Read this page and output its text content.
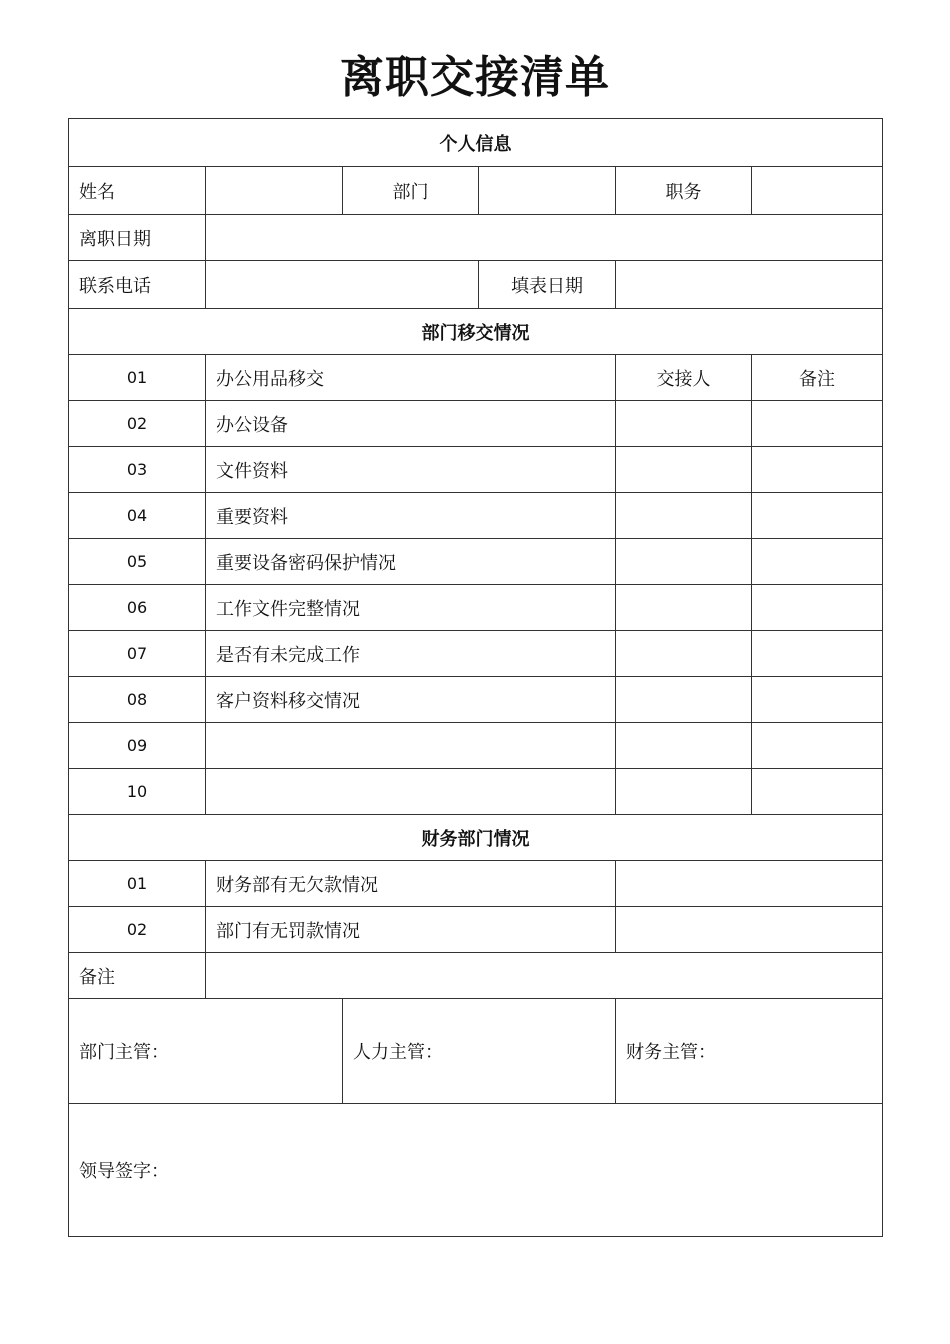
离职交接清单
个人信息					
姓名		部门		职务	
离职日期					
联系电话			填表日期		
部门移交情况					
01	办公用品移交			交接人	备注
02	办公设备				
03	文件资料				
04	重要资料				
05	重要设备密码保护情况				
06	工作文件完整情况				
07	是否有未完成工作				
08	客户资料移交情况				
09					
10					
财务部门情况					
01	财务部有无欠款情况				
02	部门有无罚款情况				
备注					
部门主管：		人力主管：		财务主管：	
领导签字：					
